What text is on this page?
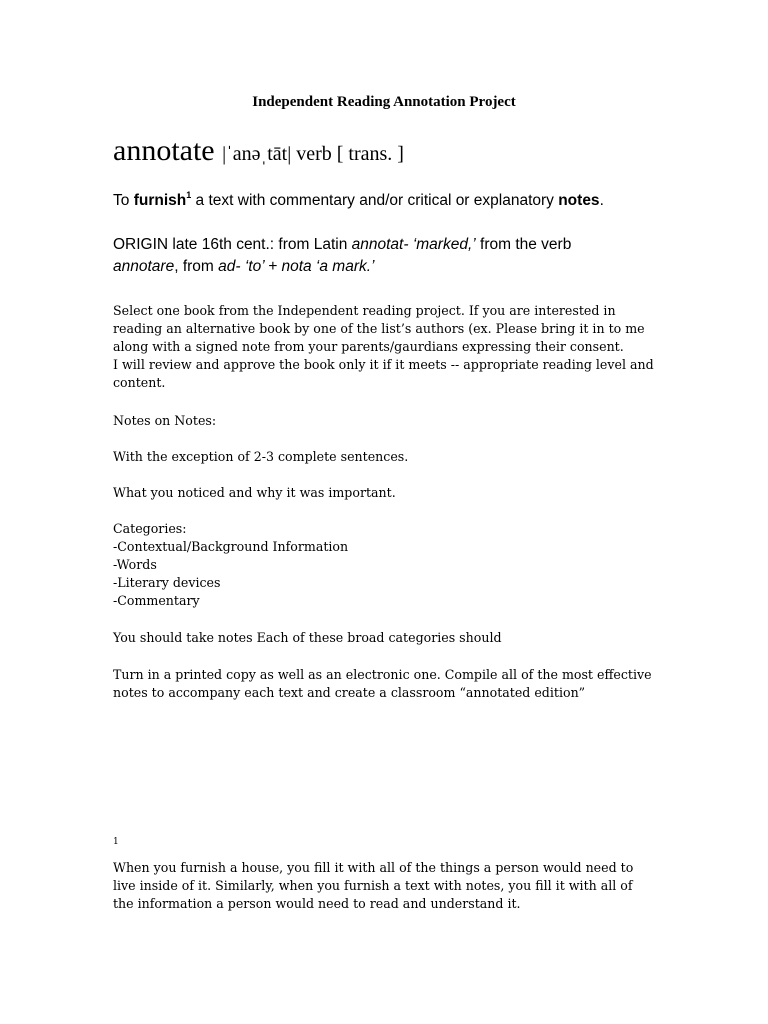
Independent Reading Annotation Project
annotate |ˈanəˌtāt| verb [ trans. ]
To furnish$^1$ a text with commentary and/or critical or explanatory notes.
ORIGIN late 16th cent.: from Latin annotat- ‘marked,’ from the verb
annotare, from ad- ‘to’ + nota ‘a mark.’
Select one book from the Independent reading project. If you are interested in
reading an alternative book by one of the list’s authors (ex. Please bring it in to me
along with a signed note from your parents/gaurdians expressing their consent.
I will review and approve the book only it if it meets -- appropriate reading level and
content.
Notes on Notes:
With the exception of 2-3 complete sentences.
What you noticed and why it was important.
Categories:
-Contextual/Background Information
-Words
-Literary devices
-Commentary
You should take notes Each of these broad categories should
Turn in a printed copy as well as an electronic one. Compile all of the most effective
notes to accompany each text and create a classroom “annotated edition”
1
When you furnish a house, you fill it with all of the things a person would need to
live inside of it. Similarly, when you furnish a text with notes, you fill it with all of
the information a person would need to read and understand it.
